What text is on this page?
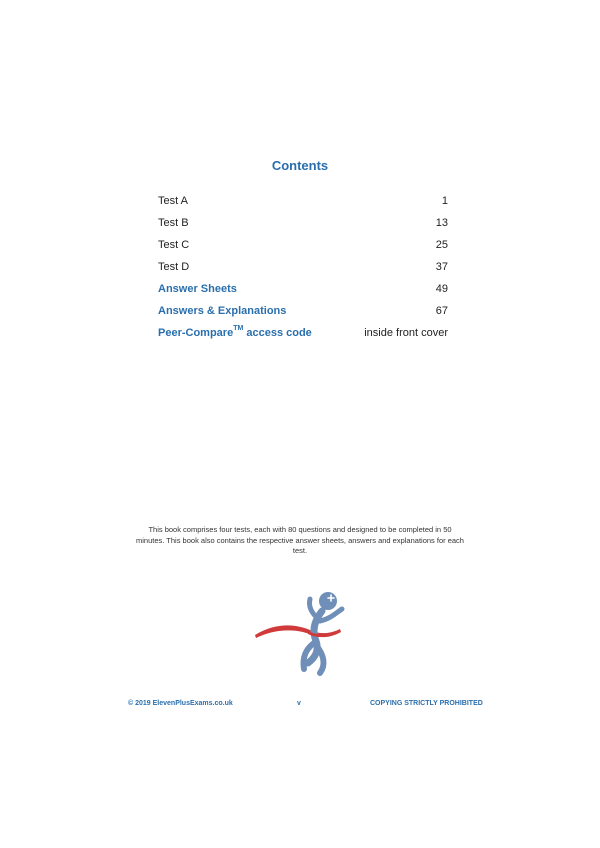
Contents
Test A	1
Test B	13
Test C	25
Test D	37
Answer Sheets	49
Answers & Explanations	67
Peer-Compare™ access code	inside front cover
This book comprises four tests, each with 80 questions and designed to be completed in 50 minutes. This book also contains the respective answer sheets, answers and explanations for each test.
© 2019 ElevenPlusExams.co.uk	v	COPYING STRICTLY PROHIBITED
